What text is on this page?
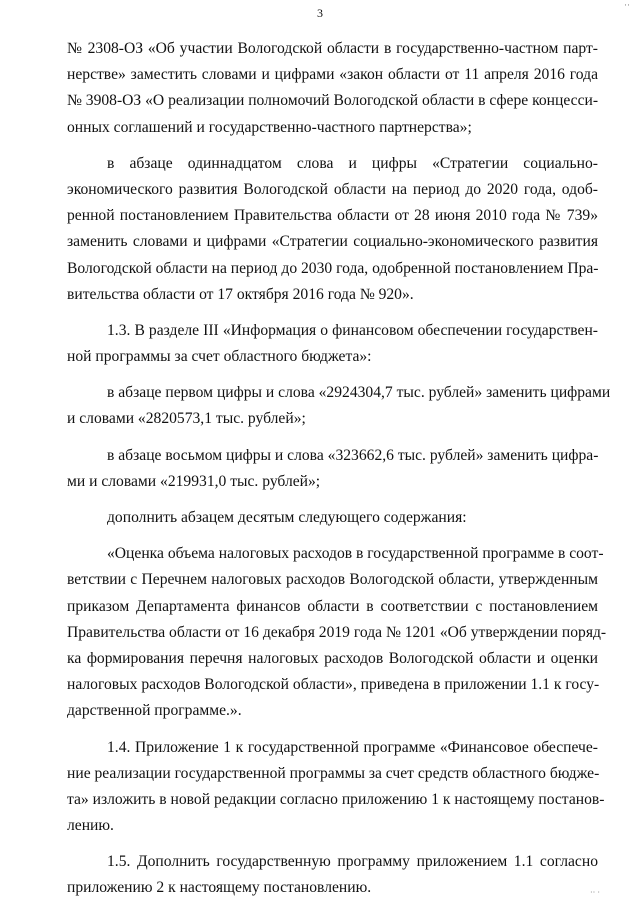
3
··
№ 2308-ОЗ «Об участии Вологодской области в государственно-частном парт-
нерстве» заместить словами и цифрами «закон области от 11 апреля 2016 года
№ 3908-ОЗ «О реализации полномочий Вологодской области в сфере концесси-
онных соглашений и государственно-частного партнерства»;
в абзаце одиннадцатом слова и цифры «Стратегии социально-
экономического развития Вологодской области на период до 2020 года, одоб-
ренной постановлением Правительства области от 28 июня 2010 года № 739»
заменить словами и цифрами «Стратегии социально-экономического развития
Вологодской области на период до 2030 года, одобренной постановлением Пра-
вительства области от 17 октября 2016 года № 920».
1.3. В разделе III «Информация о финансовом обеспечении государствен-
ной программы за счет областного бюджета»:
в абзаце первом цифры и слова «2924304,7 тыс. рублей» заменить цифрами
и словами «2820573,1 тыс. рублей»;
в абзаце восьмом цифры и слова «323662,6 тыс. рублей» заменить цифра-
ми и словами «219931,0 тыс. рублей»;
дополнить абзацем десятым следующего содержания:
«Оценка объема налоговых расходов в государственной программе в соот-
ветствии с Перечнем налоговых расходов Вологодской области, утвержденным
приказом Департамента финансов области в соответствии с постановлением
Правительства области от 16 декабря 2019 года № 1201 «Об утверждении поряд-
ка формирования перечня налоговых расходов Вологодской области и оценки
налоговых расходов Вологодской области», приведена в приложении 1.1 к госу-
дарственной программе.».
1.4. Приложение 1 к государственной программе «Финансовое обеспече-
ние реализации государственной программы за счет средств областного бюдже-
та» изложить в новой редакции согласно приложению 1 к настоящему постанов-
лению.
1.5. Дополнить государственную программу приложением 1.1 согласно
приложению 2 к настоящему постановлению.	·· ·
